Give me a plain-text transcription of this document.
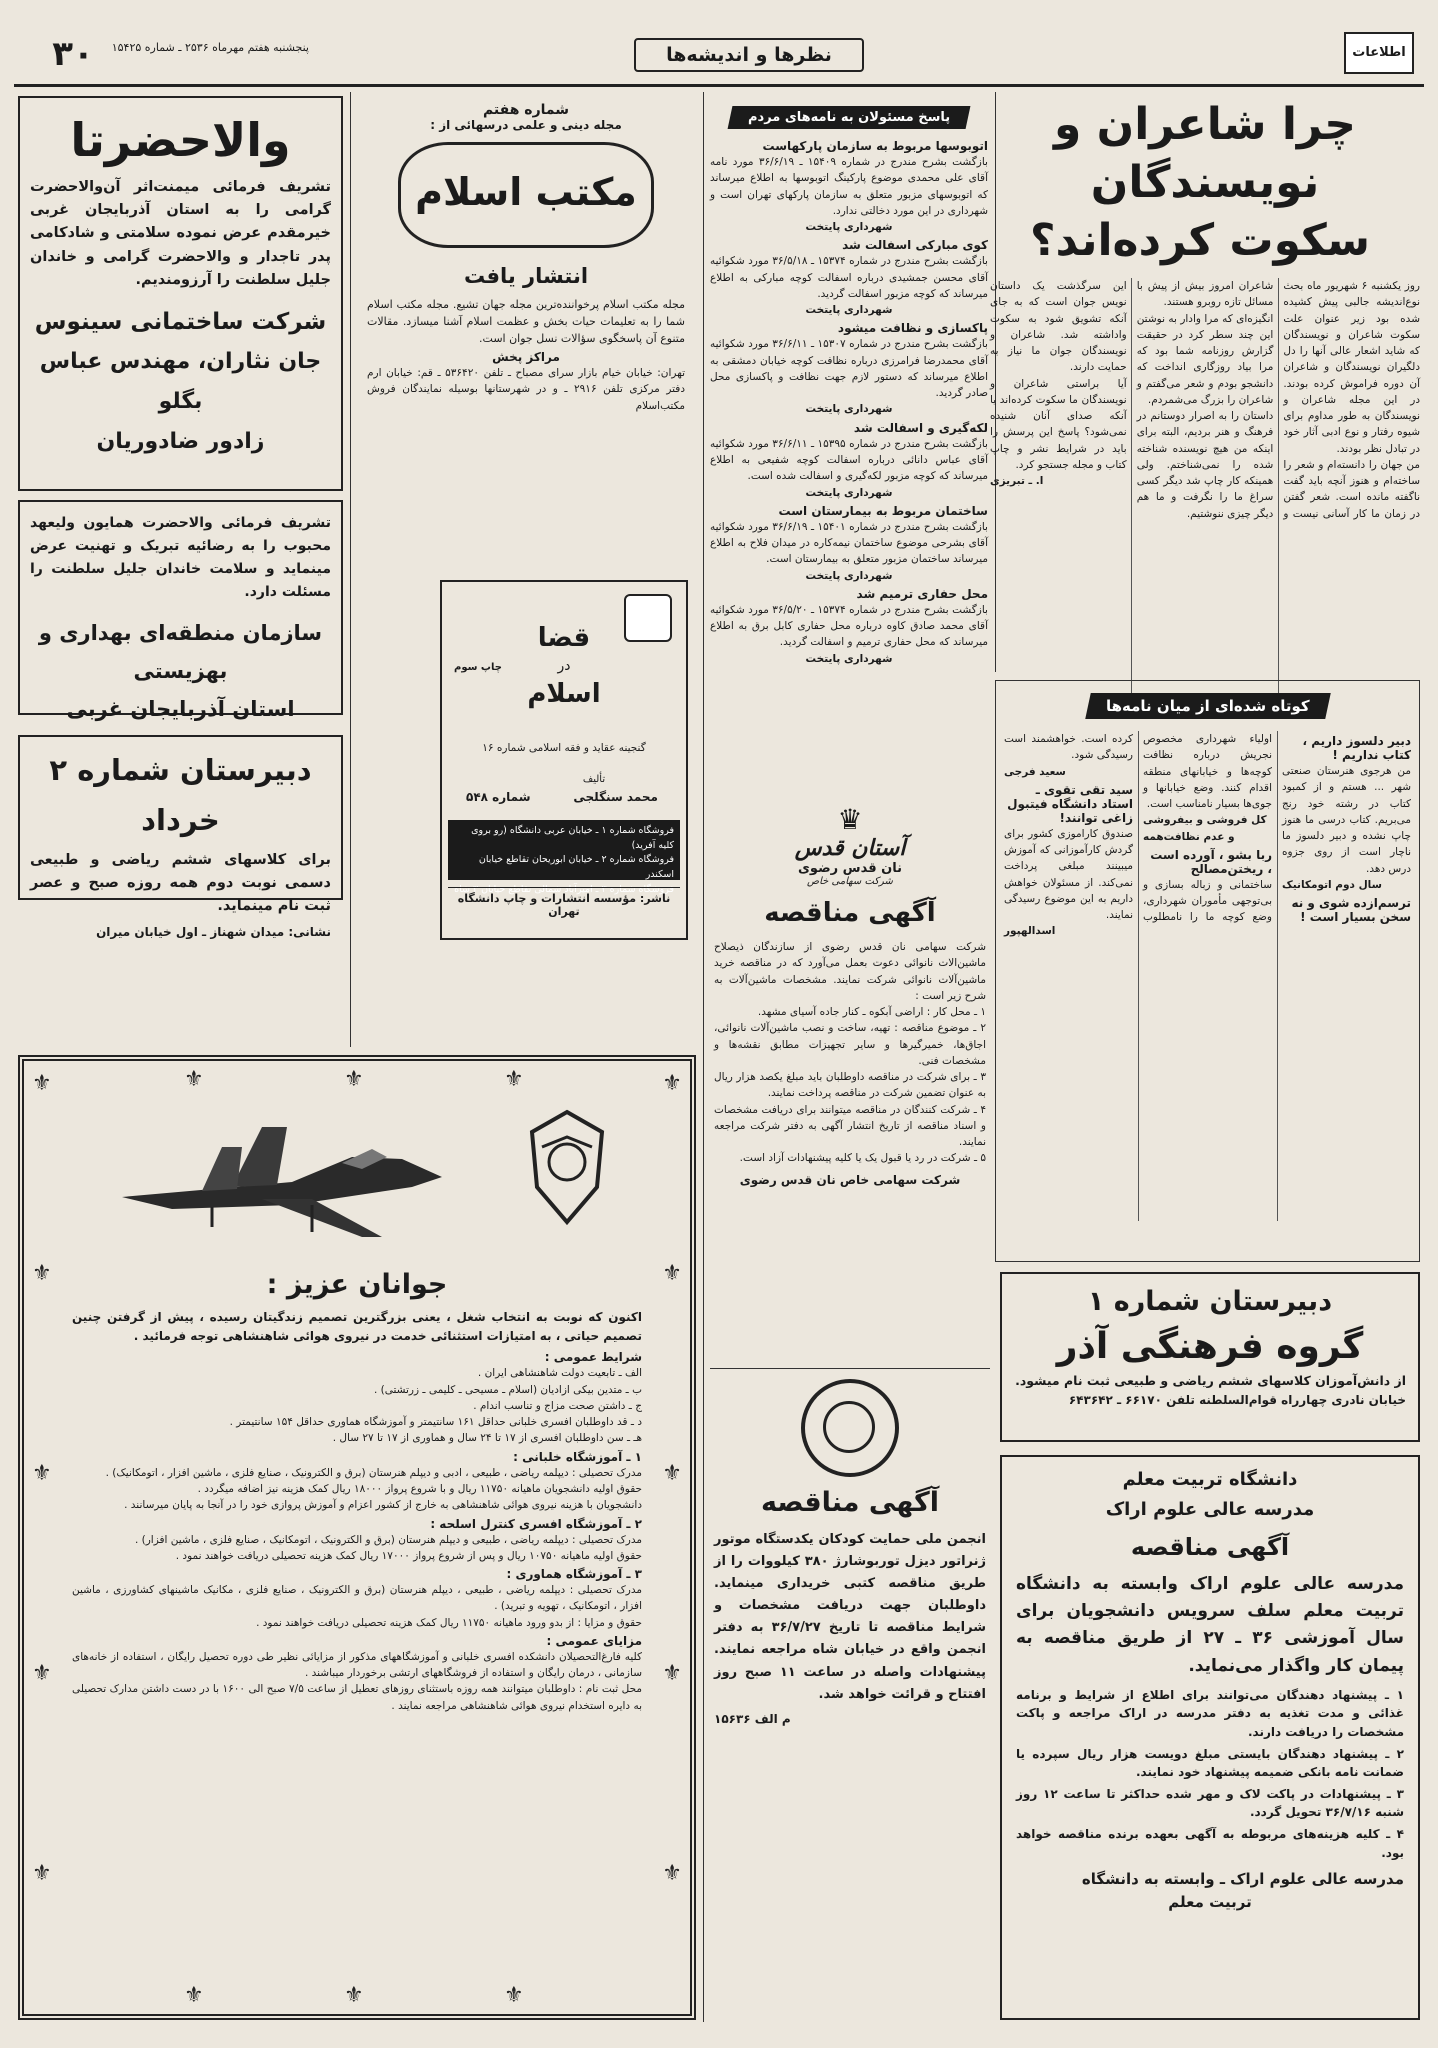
اطلاعات
نظرها و اندیشه‌ها
پنجشنبه هفتم مهرماه ۲۵۳۶ ـ شماره ۱۵۴۲۵
۳۰
چرا شاعران و نویسندگان
سکوت کرده‌اند؟

روز یکشنبه ۶ شهریور ماه بحث نوع‌اندیشه جالبی پیش کشیده شده بود زیر عنوان علت سکوت شاعران و نویسندگان که شاید اشعار عالی آنها را دل دلگیران نویسندگان و شاعران آن دوره فراموش کرده بودند. در این مجله شاعران و نویسندگان به طور مداوم برای شیوه رفتار و نوع ادبی آثار خود در تبادل نظر بودند.

من جهان را دانسته‌ام و شعر را ساخته‌ام و هنوز آنچه باید گفت ناگفته مانده است. شعر گفتن در زمان ما کار آسانی نیست و شاعران امروز بیش از پیش با مسائل تازه روبرو هستند.

انگیزه‌ای که مرا وادار به نوشتن این چند سطر کرد در حقیقت گزارش روزنامه شما بود که مرا بیاد روزگاری انداخت که دانشجو بودم و شعر می‌گفتم و شاعران را بزرگ می‌شمردم.

داستان را به اصرار دوستانم در فرهنگ و هنر بردیم، البته برای اینکه من هیچ نویسنده شناخته شده را نمی‌شناختم. ولی همینکه کار چاپ شد دیگر کسی سراغ ما را نگرفت و ما هم دیگر چیزی ننوشتیم.

این سرگذشت یک داستان نویس جوان است که به جای آنکه تشویق شود به سکوت واداشته شد. شاعران و نویسندگان جوان ما نیاز به حمایت دارند.

آیا براستی شاعران و نویسندگان ما سکوت کرده‌اند یا آنکه صدای آنان شنیده نمی‌شود؟ پاسخ این پرسش را باید در شرایط نشر و چاپ کتاب و مجله جستجو کرد.

ا. ـ تبریزی

پاسخ مسئولان به نامه‌های مردم
اتوبوسها مربوط به سازمان پارکهاست

بازگشت بشرح مندرج در شماره ۱۵۴۰۹ ـ ۳۶/۶/۱۹ مورد نامه آقای علی محمدی موضوع پارکینگ اتوبوسها به اطلاع میرساند که اتوبوسهای مزبور متعلق به سازمان پارکهای تهران است و شهرداری در این مورد دخالتی ندارد.

شهرداری پایتخت
کوی مبارکی اسفالت شد

بازگشت بشرح مندرج در شماره ۱۵۳۷۴ ـ ۳۶/۵/۱۸ مورد شکوائیه آقای محسن جمشیدی درباره اسفالت کوچه مبارکی به اطلاع میرساند که کوچه مزبور اسفالت گردید.

شهرداری پایتخت
پاکسازی و نظافت میشود

بازگشت بشرح مندرج در شماره ۱۵۳۰۷ ـ ۳۶/۶/۱۱ مورد شکوائیه آقای محمدرضا فرامرزی درباره نظافت کوچه خیابان دمشقی به اطلاع میرساند که دستور لازم جهت نظافت و پاکسازی محل صادر گردید.

شهرداری پایتخت
لکه‌گیری و اسفالت شد

بازگشت بشرح مندرج در شماره ۱۵۳۹۵ ـ ۳۶/۶/۱۱ مورد شکوائیه آقای عباس دانائی درباره اسفالت کوچه شفیعی به اطلاع میرساند که کوچه مزبور لکه‌گیری و اسفالت شده است.

شهرداری پایتخت
ساختمان مربوط به بیمارستان است

بازگشت بشرح مندرج در شماره ۱۵۴۰۱ ـ ۳۶/۶/۱۹ مورد شکوائیه آقای بشرحی موضوع ساختمان نیمه‌کاره در میدان فلاح به اطلاع میرساند ساختمان مزبور متعلق به بیمارستان است.

شهرداری پایتخت
محل حفاری ترمیم شد

بازگشت بشرح مندرج در شماره ۱۵۳۷۴ ـ ۳۶/۵/۲۰ مورد شکوائیه آقای محمد صادق کاوه درباره محل حفاری کابل برق به اطلاع میرساند که محل حفاری ترمیم و اسفالت گردید.

شهرداری پایتخت
کوتاه شده‌ای از میان نامه‌ها
دبیر دلسوز داریم ، کتاب نداریم !

من هرجوی هنرستان صنعتی شهر ... هستم و از کمبود کتاب در رشته خود رنج می‌بریم. کتاب درسی ما هنوز چاپ نشده و دبیر دلسوز ما ناچار است از روی جزوه درس دهد.

سال دوم اتومکانیک
ترسم‌ازده شوی و نه سخن بسیار است !

اولیاء شهرداری مخصوص نجریش درباره نظافت کوچه‌ها و خیابانهای منطقه اقدام کنند. وضع خیابانها و جوی‌ها بسیار نامناسب است.

کل فروشی و بیفروشی و عدم نظافت‌همه
ربا بشو ، آورده است ، ریختن‌مصالح

ساختمانی و زباله بسازی و بی‌توجهی مأموران شهرداری، وضع کوچه ما را نامطلوب کرده است. خواهشمند است رسیدگی شود.

سعید فرجی
سید تقی تقوی ـ استاد دانشگاه فیتبول زاغی توانند!

صندوق کاراموزی کشور برای گردش کارآموزانی که آموزش میبینند مبلغی پرداخت نمی‌کند. از مسئولان خواهش داریم به این موضوع رسیدگی نمایند.

اسدالهپور
والاحضرتا

تشریف فرمائی میمنت‌اثر آن‌والاحضرت گرامی را به استان آذربایجان غربی خیرمقدم عرض نموده سلامتی و شادکامی پدر تاجدار و والاحضرت گرامی و خاندان جلیل سلطنت را آرزومندیم.

شرکت ساختمانی سینوس
جان نثاران، مهندس عباس بگلو
زادور ضادوریان

تشریف فرمائی والاحضرت همایون ولیعهد محبوب را به رضائیه تبریک و تهنیت عرض مینماید و سلامت خاندان جلیل سلطنت را مسئلت دارد.

سازمان منطقه‌ای بهداری و بهزیستی
استان آذربایجان غربی
دبیرستان شماره ۲ خرداد

برای کلاسهای ششم ریاضی و طبیعی دسمی نوبت دوم همه روزه صبح و عصر ثبت نام مینماید.

نشانی: میدان شهناز ـ اول خیابان میران
شماره هفتم
مجله دینی و علمی درسهائی از :
مکتب اسلام
انتشار یافت

مجله مکتب اسلام پرخواننده‌ترین مجله جهان تشیع. مجله مکتب اسلام شما را به تعلیمات حیات بخش و عظمت اسلام آشنا میسازد. مقالات متنوع آن پاسخگوی سؤالات نسل جوان است.

مراکز پخش

تهران: خیابان خیام بازار سرای مصباح ـ تلفن ۵۳۶۴۲۰ ـ قم: خیابان ارم دفتر مرکزی تلفن ۲۹۱۶ ـ و در شهرستانها بوسیله نمایندگان فروش مکتب‌اسلام

چاپ سوم
قضا
در
اسلام
گنجینه عقاید و فقه اسلامی شماره ۱۶
تألیف
محمد سنگلجی
شماره ۵۴۸
فروشگاه شماره ۱ ـ خیابان عربی دانشگاه (رو بروی کلیه آفرید)
فروشگاه شماره ۲ ـ خیابان ابوریحان تقاطع خیابان اسکندر
فروشگاه شماره ۳ ـ امیرآباد شمالی تقاطع خیابان ۳ شاه
ناشر: مؤسسه انتشارات و چاپ دانشگاه تهران
♛
آستان قدس
نان قدس رضوی
شرکت سهامی خاص
آگهی مناقصه

شرکت سهامی نان قدس رضوی از سازندگان ذیصلاح ماشین‌الات نانوائی دعوت بعمل می‌آورد که در مناقصه خرید ماشین‌آلات نانوائی شرکت نمایند. مشخصات ماشین‌آلات به شرح زیر است :

۱ ـ محل کار : اراضی آبکوه ـ کنار جاده آسیای مشهد.

۲ ـ موضوع مناقصه : تهیه، ساخت و نصب ماشین‌آلات نانوائی، اجاق‌ها، خمیرگیرها و سایر تجهیزات مطابق نقشه‌ها و مشخصات فنی.

۳ ـ برای شرکت در مناقصه داوطلبان باید مبلغ یکصد هزار ریال به عنوان تضمین شرکت در مناقصه پرداخت نمایند.

۴ ـ شرکت کنندگان در مناقصه میتوانند برای دریافت مشخصات و اسناد مناقصه از تاریخ انتشار آگهی به دفتر شرکت مراجعه نمایند.

۵ ـ شرکت در رد یا قبول یک یا کلیه پیشنهادات آزاد است.

شرکت سهامی خاص نان قدس رضوی
آگهی مناقصه

انجمن ملی حمایت کودکان یکدستگاه موتور ژنراتور دیزل توربوشارژ ۳۸۰ کیلووات را از طریق مناقصه کتبی خریداری مینماید. داوطلبان جهت دریافت مشخصات و شرایط مناقصه تا تاریخ ۳۶/۷/۲۷ به دفتر انجمن واقع در خیابان شاه مراجعه نمایند. پیشنهادات واصله در ساعت ۱۱ صبح روز افتتاح و قرائت خواهد شد.

م الف ۱۵۶۳۶
دبیرستان شماره ۱
گروه فرهنگی آذر
از دانش‌آموزان کلاسهای ششم ریاضی و طبیعی ثبت نام میشود.
خیابان نادری چهارراه قوام‌السلطنه تلفن ۶۶۱۷۰ ـ ۶۴۳۶۴۲
دانشگاه تربیت معلم
مدرسه عالی علوم اراک
آگهی مناقصه

مدرسه عالی علوم اراک وابسته به دانشگاه تربیت معلم سلف سرویس دانشجویان برای سال آموزشی ۳۶ ـ ۲۷ از طریق مناقصه به پیمان کار واگذار می‌نماید.

۱ ـ پیشنهاد دهندگان می‌توانند برای اطلاع از شرایط و برنامه غذائی و مدت تغذیه به دفتر مدرسه در اراک مراجعه و پاکت مشخصات را دریافت دارند.

۲ ـ پیشنهاد دهندگان بایستی مبلغ دویست هزار ریال سپرده یا ضمانت نامه بانکی ضمیمه پیشنهاد خود نمایند.

۳ ـ پیشنهادات در پاکت لاک و مهر شده حداکثر تا ساعت ۱۲ روز شنبه ۳۶/۷/۱۶ تحویل گردد.

۴ ـ کلیه هزینه‌های مربوطه به آگهی بعهده برنده مناقصه خواهد بود.

مدرسه عالی علوم اراک ـ وابسته به دانشگاه
تربیت معلم
⚜	⚜
⚜	⚜
⚜	⚜
⚜	⚜
⚜	⚜
⚜	⚜	⚜
⚜	⚜	⚜
جوانان عزیز :

اکنون که نوبت به انتخاب شغل ، یعنی بزرگترین تصمیم زندگیتان رسیده ، پیش از گرفتن چنین تصمیم حیاتی ، به امتیازات استثنائی خدمت در نیروی هوائی شاهنشاهی توجه فرمائید .

شرایط عمومی :
الف ـ تابعیت دولت شاهنشاهی ایران .
ب ـ متدین بیکی ازادیان (اسلام ـ مسیحی ـ کلیمی ـ زرتشتی) .
ج ـ داشتن صحت مزاج و تناسب اندام .
د ـ قد داوطلبان افسری خلبانی حداقل ۱۶۱ سانتیمتر و آموزشگاه هماوری حداقل ۱۵۴ سانتیمتر .
هـ ـ سن داوطلبان افسری از ۱۷ تا ۲۴ سال و هماوری از ۱۷ تا ۲۷ سال .
۱ ـ آموزشگاه خلبانی :
مدرک تحصیلی : دیپلمه ریاضی ، طبیعی ، ادبی و دیپلم هنرستان (برق و الکترونیک ، صنایع فلزی ، ماشین افزار ، اتومکانیک) .
حقوق اولیه دانشجویان ماهیانه ۱۱۷۵۰ ریال و با شروع پرواز ۱۸۰۰۰ ریال کمک هزینه نیز اضافه میگردد .
دانشجویان با هزینه نیروی هوائی شاهنشاهی به خارج از کشور اعزام و آموزش پروازی خود را در آنجا به پایان میرسانند .
۲ ـ آموزشگاه افسری کنترل اسلحه :
مدرک تحصیلی : دیپلمه ریاضی ، طبیعی و دیپلم هنرستان (برق و الکترونیک ، اتومکانیک ، صنایع فلزی ، ماشین افزار) .
حقوق اولیه ماهیانه ۱۰۷۵۰ ریال و پس از شروع پرواز ۱۷۰۰۰ ریال کمک هزینه تحصیلی دریافت خواهند نمود .
۳ ـ آموزشگاه هماوری :
مدرک تحصیلی : دیپلمه ریاضی ، طبیعی ، دیپلم هنرستان (برق و الکترونیک ، صنایع فلزی ، مکانیک ماشینهای کشاورزی ، ماشین افزار ، اتومکانیک ، تهویه و تبرید) .
حقوق و مزایا : از بدو ورود ماهیانه ۱۱۷۵۰ ریال کمک هزینه تحصیلی دریافت خواهند نمود .
مزایای عمومی :
کلیه فارغ‌التحصیلان دانشکده افسری خلبانی و آموزشگاههای مذکور از مزایائی نظیر طی دوره تحصیل رایگان ، استفاده از خانه‌های سازمانی ، درمان رایگان و استفاده از فروشگاههای ارتشی برخوردار میباشند .
محل ثبت نام : داوطلبان میتوانند همه روزه باستثنای روزهای تعطیل از ساعت ۷/۵ صبح الی ۱۶۰۰ با در دست داشتن مدارک تحصیلی به دایره استخدام نیروی هوائی شاهنشاهی مراجعه نمایند .
